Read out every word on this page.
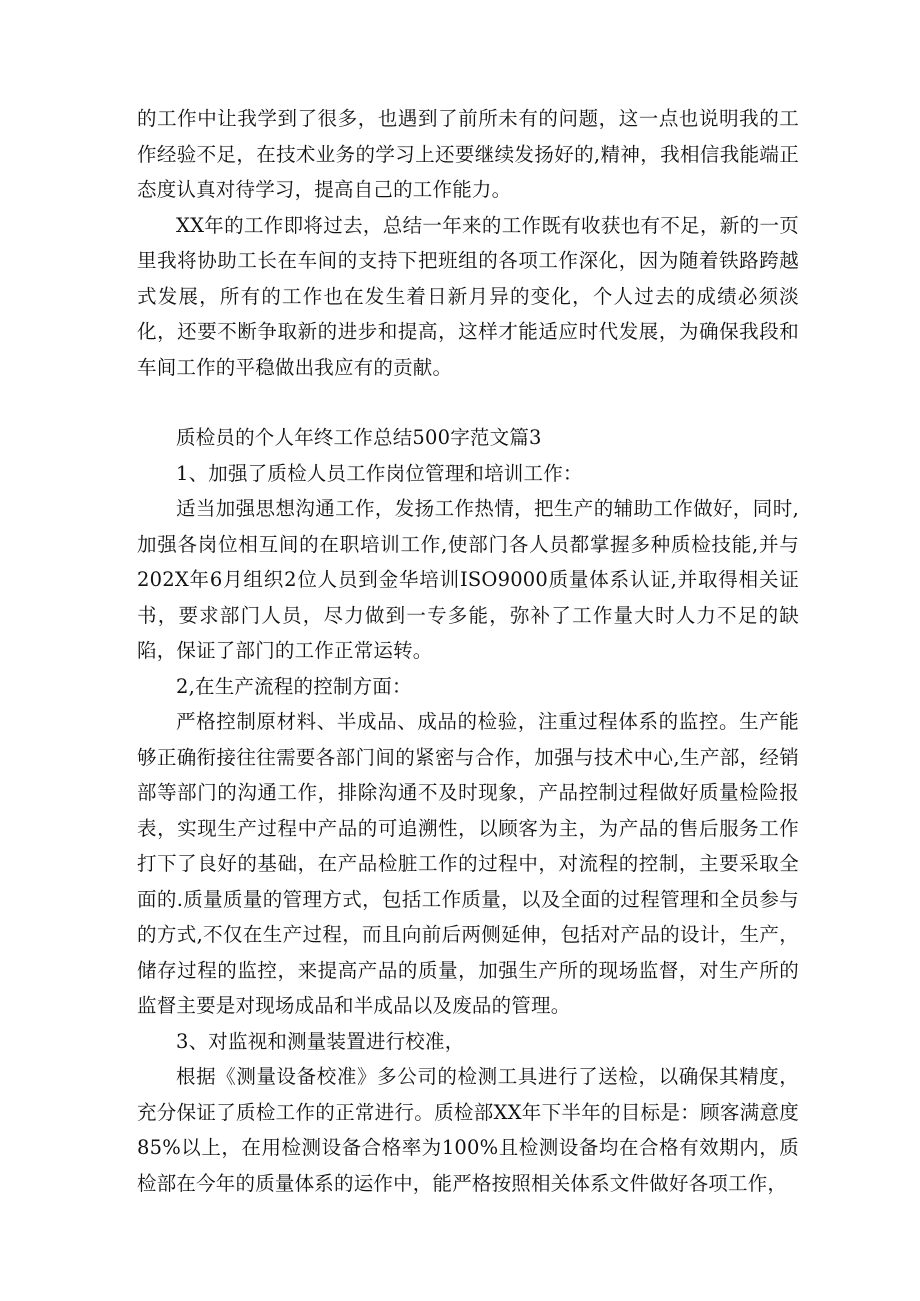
的工作中让我学到了很多，也遇到了前所未有的问题，这一点也说明我的工作经验不足，在技术业务的学习上还要继续发扬好的,精神，我相信我能端正态度认真对待学习，提高自己的工作能力。

XX年的工作即将过去，总结一年来的工作既有收获也有不足，新的一页里我将协助工长在车间的支持下把班组的各项工作深化，因为随着铁路跨越式发展，所有的工作也在发生着日新月异的变化，个人过去的成绩必须淡化，还要不断争取新的进步和提高，这样才能适应时代发展，为确保我段和车间工作的平稳做出我应有的贡献。

质检员的个人年终工作总结500字范文篇3

1、加强了质检人员工作岗位管理和培训工作：

适当加强思想沟通工作，发扬工作热情，把生产的辅助工作做好，同时,加强各岗位相互间的在职培训工作,使部门各人员都掌握多种质检技能,并与202X年6月组织2位人员到金华培训ISO9000质量体系认证,并取得相关证书，要求部门人员，尽力做到一专多能，弥补了工作量大时人力不足的缺陷，保证了部门的工作正常运转。

2,在生产流程的控制方面：

严格控制原材料、半成品、成品的检验，注重过程体系的监控。生产能够正确衔接往往需要各部门间的紧密与合作，加强与技术中心,生产部，经销部等部门的沟通工作，排除沟通不及时现象，产品控制过程做好质量检险报表，实现生产过程中产品的可追溯性，以顾客为主，为产品的售后服务工作打下了良好的基础，在产品检脏工作的过程中，对流程的控制，主要采取全面的.质量质量的管理方式，包括工作质量，以及全面的过程管理和全员参与的方式,不仅在生产过程，而且向前后两侧延伸，包括对产品的设计，生产，储存过程的监控，来提高产品的质量，加强生产所的现场监督，对生产所的监督主要是对现场成品和半成品以及废品的管理。

3、对监视和测量装置进行校准，

根据《测量设备校准》多公司的检测工具进行了送检，以确保其精度，充分保证了质检工作的正常进行。质检部XX年下半年的目标是：顾客满意度85%以上，在用检测设备合格率为100%且检测设备均在合格有效期内，质检部在今年的质量体系的运作中，能严格按照相关体系文件做好各项工作，
